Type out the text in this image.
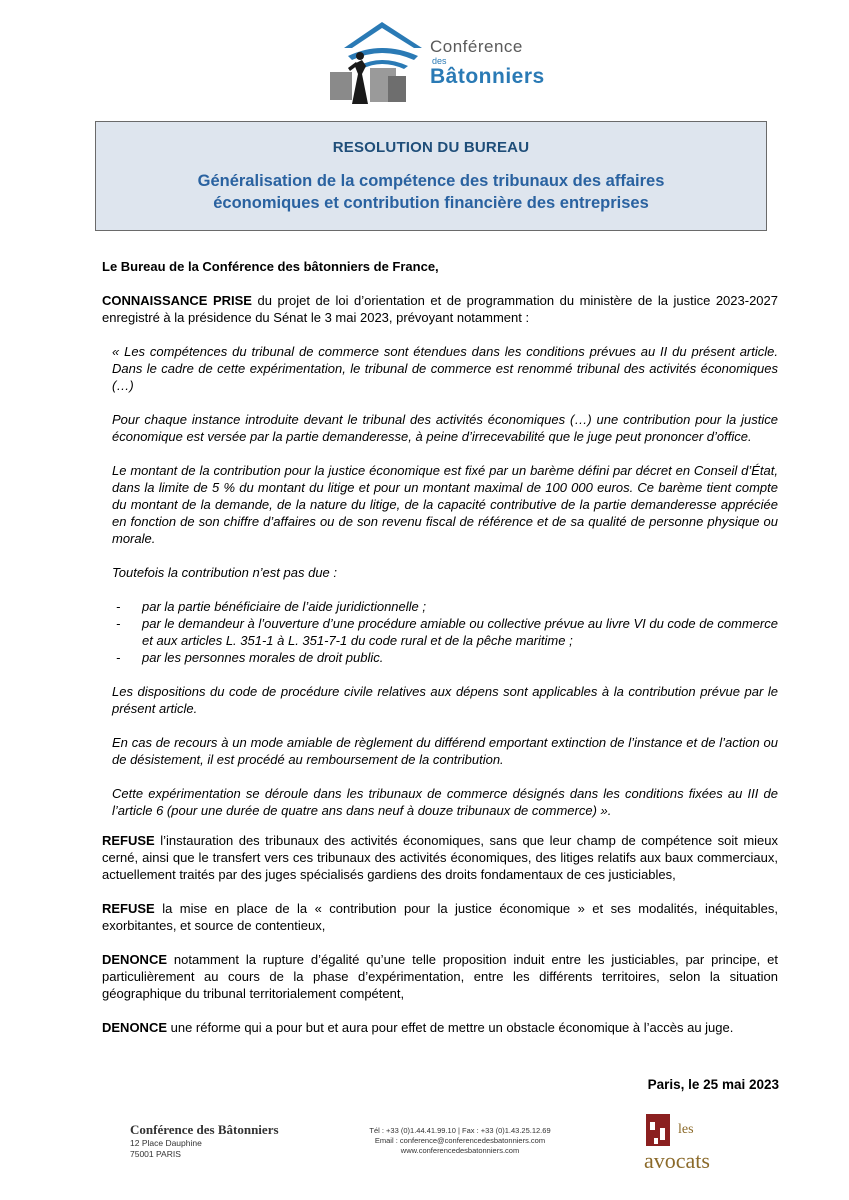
Conférence
des
Bâtonniers
RESOLUTION DU BUREAU
Généralisation de la compétence des tribunaux des affaires économiques et contribution financière des entreprises

Le Bureau de la Conférence des bâtonniers de France,

CONNAISSANCE PRISE du projet de loi d’orientation et de programmation du ministère de la justice 2023-2027 enregistré à la présidence du Sénat le 3 mai 2023, prévoyant notamment :

« Les compétences du tribunal de commerce sont étendues dans les conditions prévues au II du présent article. Dans le cadre de cette expérimentation, le tribunal de commerce est renommé tribunal des activités économiques (…)

Pour chaque instance introduite devant le tribunal des activités économiques (…) une contribution pour la justice économique est versée par la partie demanderesse, à peine d’irrecevabilité que le juge peut prononcer d’office.

Le montant de la contribution pour la justice économique est fixé par un barème défini par décret en Conseil d’État, dans la limite de 5 % du montant du litige et pour un montant maximal de 100 000 euros. Ce barème tient compte du montant de la demande, de la nature du litige, de la capacité contributive de la partie demanderesse appréciée en fonction de son chiffre d’affaires ou de son revenu fiscal de référence et de sa qualité de personne physique ou morale.

Toutefois la contribution n’est pas due :

-	par la partie bénéficiaire de l’aide juridictionnelle ;
-	par le demandeur à l’ouverture d’une procédure amiable ou collective prévue au livre VI du code de commerce et aux articles L. 351-1 à L. 351-7-1 du code rural et de la pêche maritime ;
-	par les personnes morales de droit public.

Les dispositions du code de procédure civile relatives aux dépens sont applicables à la contribution prévue par le présent article.

En cas de recours à un mode amiable de règlement du différend emportant extinction de l’instance et de l’action ou de désistement, il est procédé au remboursement de la contribution.

Cette expérimentation se déroule dans les tribunaux de commerce désignés dans les conditions fixées au III de l’article 6 (pour une durée de quatre ans dans neuf à douze tribunaux de commerce) ».

REFUSE l’instauration des tribunaux des activités économiques, sans que leur champ de compétence soit mieux cerné, ainsi que le transfert vers ces tribunaux des activités économiques, des litiges relatifs aux baux commerciaux, actuellement traités par des juges spécialisés gardiens des droits fondamentaux de ces justiciables,

REFUSE la mise en place de la « contribution pour la justice économique » et ses modalités, inéquitables, exorbitantes, et source de contentieux,

DENONCE notamment la rupture d’égalité qu’une telle proposition induit entre les justiciables, par principe, et particulièrement au cours de la phase d’expérimentation, entre les différents territoires, selon la situation géographique du tribunal territorialement compétent,

DENONCE une réforme qui a pour but et aura pour effet de mettre un obstacle économique à l’accès au juge.

Paris, le 25 mai 2023
Conférence des Bâtonniers
12 Place Dauphine
75001 PARIS
Tél : +33 (0)1.44.41.99.10 | Fax : +33 (0)1.43.25.12.69
Email : conference@conferencedesbatonniers.com
www.conferencedesbatonniers.com
les
avocats
